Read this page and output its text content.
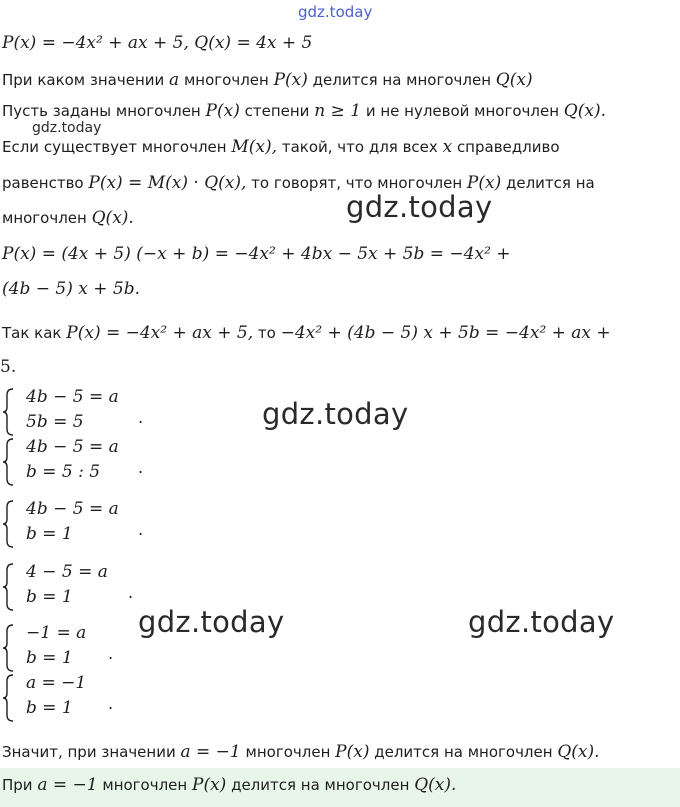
gdz.today
gdz.today
gdz.today
gdz.today
gdz.today	gdz.today
P(x) = −4x² + ax + 5, Q(x) = 4x + 5
При каком значении a многочлен P(x) делится на многочлен Q(x)
Пусть заданы многочлен P(x) степени n ≥ 1 и не нулевой многочлен Q(x).
Если существует многочлен M(x), такой, что для всех x справедливо
равенство P(x) = M(x) · Q(x), то говорят, что многочлен P(x) делится на
многочлен Q(x).
P(x) = (4x + 5) (−x + b) = −4x² + 4bx − 5x + 5b = −4x² +
(4b − 5) x + 5b.
Так как P(x) = −4x² + ax + 5, то −4x² + (4b − 5) x + 5b = −4x² + ax +
5.
4b − 5 = a
5b = 5	.
4b − 5 = a
b = 5 : 5 .
4b − 5 = a
b = 1	.
4 − 5 = a
b = 1	.
−1 = a
b = 1 .
a = −1
b = 1 .
Значит, при значении a = −1 многочлен P(x) делится на многочлен Q(x).
При a = −1 многочлен P(x) делится на многочлен Q(x).
